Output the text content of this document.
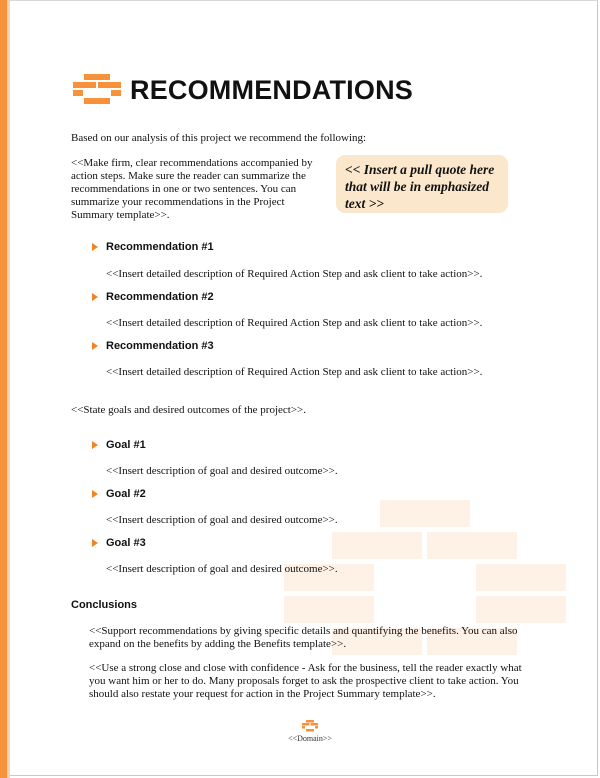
RECOMMENDATIONS

Based on our analysis of this project we recommend the following:

<<Make firm, clear recommendations accompanied by action steps. Make sure the reader can summarize the recommendations in one or two sentences. You can summarize your recommendations in the Project Summary template>>.

<< Insert a pull quote here that will be in emphasized text >>

Recommendation #1

<<Insert detailed description of Required Action Step and ask client to take action>>.

Recommendation #2

<<Insert detailed description of Required Action Step and ask client to take action>>.

Recommendation #3

<<Insert detailed description of Required Action Step and ask client to take action>>.

<<State goals and desired outcomes of the project>>.

Goal #1

<<Insert description of goal and desired outcome>>.

Goal #2

<<Insert description of goal and desired outcome>>.

Goal #3

<<Insert description of goal and desired outcome>>.

Conclusions

<<Support recommendations by giving specific details and quantifying the benefits. You can also expand on the benefits by adding the Benefits template>>.

<<Use a strong close and close with confidence - Ask for the business, tell the reader exactly what you want him or her to do. Many proposals forget to ask the prospective client to take action. You should also restate your request for action in the Project Summary template>>.

<<Domain>>
